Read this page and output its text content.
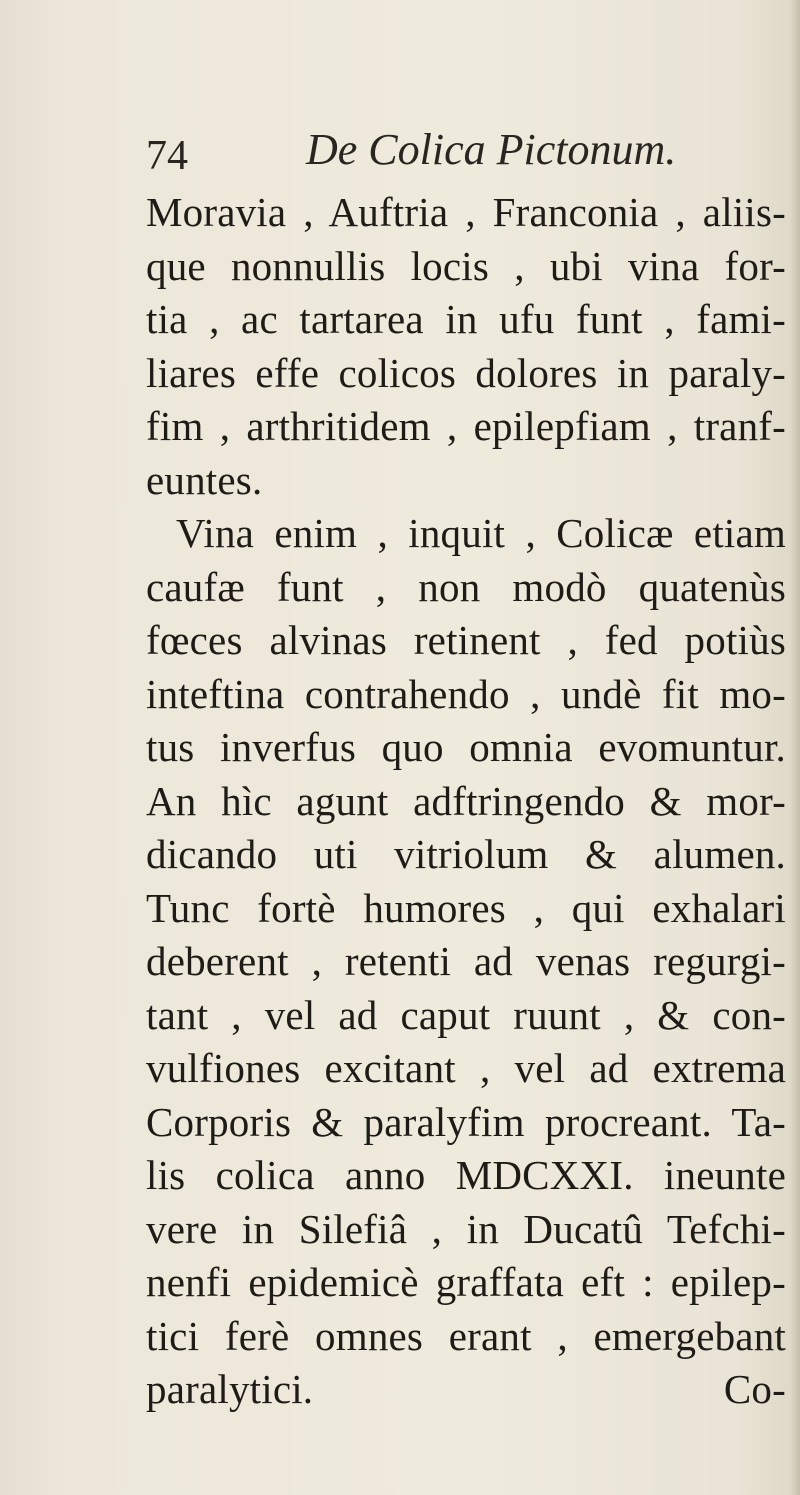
74	De Colica Pictonum.
Moravia , Auftria , Franconia , aliis-
que nonnullis locis , ubi vina for-
tia , ac tartarea in ufu funt , fami-
liares effe colicos dolores in paraly-
fim , arthritidem , epilepfiam , tranf-
euntes.
Vina enim , inquit , Colicæ etiam
caufæ funt , non modò quatenùs
fœces alvinas retinent , fed potiùs
inteftina contrahendo , undè fit mo-
tus inverfus quo omnia evomuntur.
An hìc agunt adftringendo & mor-
dicando uti vitriolum & alumen.
Tunc fortè humores , qui exhalari
deberent , retenti ad venas regurgi-
tant , vel ad caput ruunt , & con-
vulfiones excitant , vel ad extrema
Corporis & paralyfim procreant. Ta-
lis colica anno MDCXXI. ineunte
vere in Silefiâ , in Ducatû Tefchi-
nenfi epidemicè graffata eft : epilep-
tici ferè omnes erant , emergebant
paralytici.	Co-
